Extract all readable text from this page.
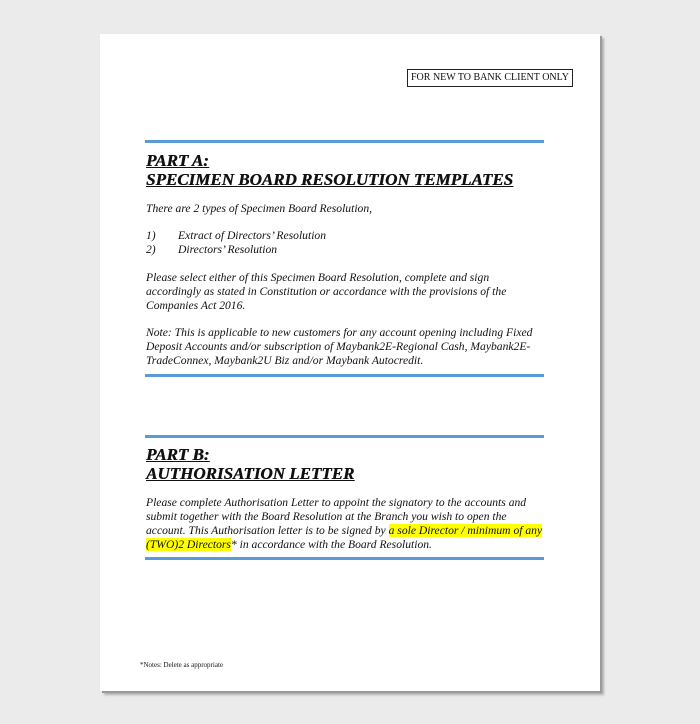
FOR NEW TO BANK CLIENT ONLY
PART A:
SPECIMEN BOARD RESOLUTION TEMPLATES
There are 2 types of Specimen Board Resolution,
1) Extract of Directors’ Resolution
2) Directors’ Resolution
Please select either of this Specimen Board Resolution, complete and sign accordingly as stated in Constitution or accordance with the provisions of the Companies Act 2016.
Note: This is applicable to new customers for any account opening including Fixed Deposit Accounts and/or subscription of Maybank2E-Regional Cash, Maybank2E-TradeConnex, Maybank2U Biz and/or Maybank Autocredit.
PART B:
AUTHORISATION LETTER
Please complete Authorisation Letter to appoint the signatory to the accounts and submit together with the Board Resolution at the Branch you wish to open the account. This Authorisation letter is to be signed by a sole Director / minimum of any (TWO)2 Directors* in accordance with the Board Resolution.
*Notes: Delete as appropriate
